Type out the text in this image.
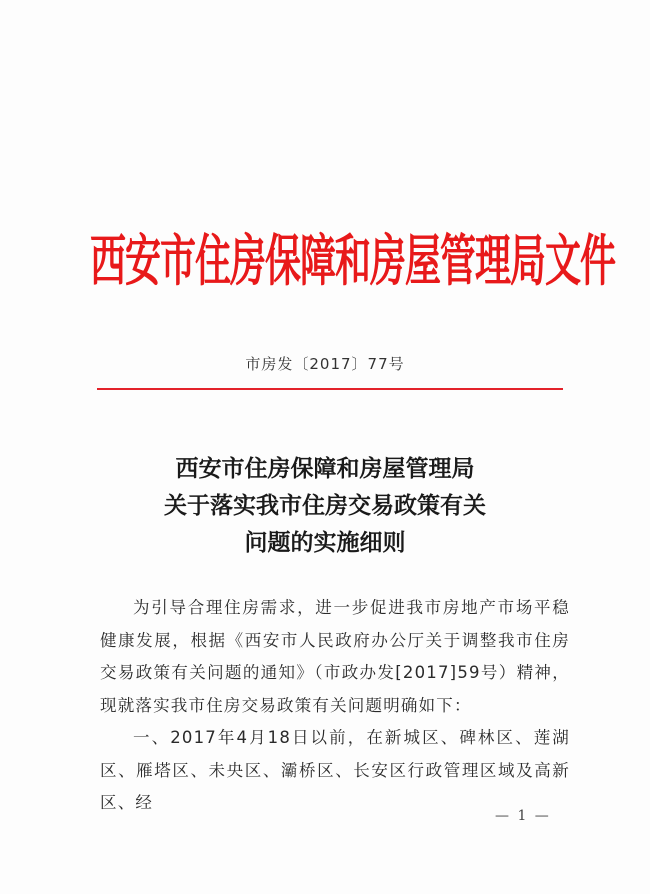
西安市住房保障和房屋管理局文件
市房发〔2017〕77号
西安市住房保障和房屋管理局
关于落实我市住房交易政策有关
问题的实施细则

为引导合理住房需求，进一步促进我市房地产市场平稳健康发展，根据《西安市人民政府办公厅关于调整我市住房交易政策有关问题的通知》（市政办发[2017]59号）精神，现就落实我市住房交易政策有关问题明确如下：

一、2017年4月18日以前，在新城区、碑林区、莲湖区、雁塔区、未央区、灞桥区、长安区行政管理区域及高新区、经

— 1 —
